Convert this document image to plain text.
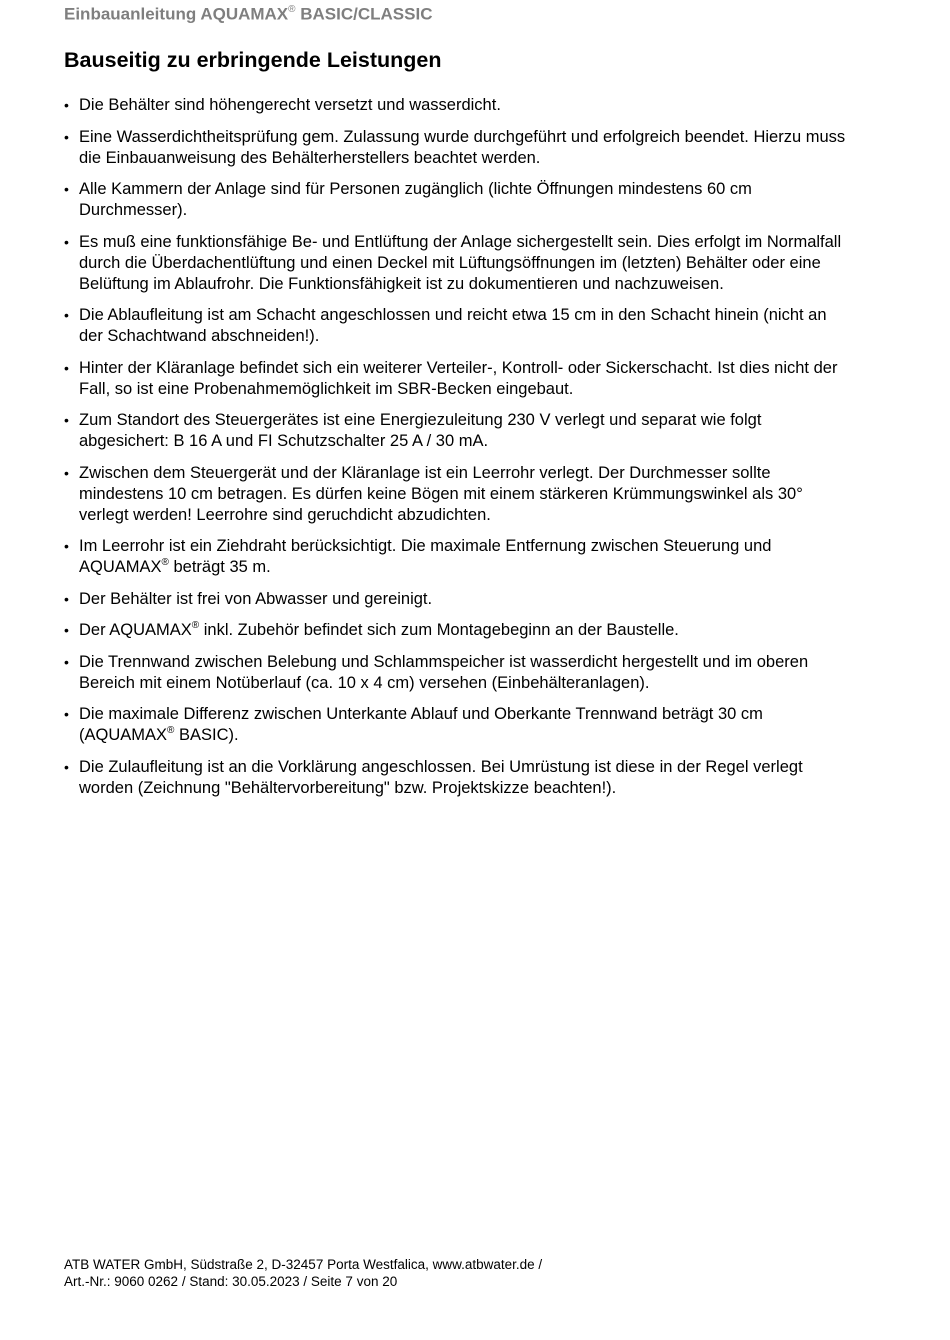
Einbauanleitung AQUAMAX® BASIC/CLASSIC
Bauseitig zu erbringende Leistungen
• Die Behälter sind höhengerecht versetzt und wasserdicht.
• Eine Wasserdichtheitsprüfung gem. Zulassung wurde durchgeführt und erfolgreich beendet. Hierzu muss die Einbauanweisung des Behälterherstellers beachtet werden.
• Alle Kammern der Anlage sind für Personen zugänglich (lichte Öffnungen mindestens 60 cm Durchmesser).
• Es muß eine funktionsfähige Be- und Entlüftung der Anlage sichergestellt sein. Dies erfolgt im Normalfall durch die Überdachentlüftung und einen Deckel mit Lüftungsöffnungen im (letzten) Behälter oder eine Belüftung im Ablaufrohr. Die Funktionsfähigkeit ist zu dokumentieren und nachzuweisen.
• Die Ablaufleitung ist am Schacht angeschlossen und reicht etwa 15 cm in den Schacht hinein (nicht an der Schachtwand abschneiden!).
• Hinter der Kläranlage befindet sich ein weiterer Verteiler-, Kontroll- oder Sickerschacht. Ist dies nicht der Fall, so ist eine Probenahmemöglichkeit im SBR-Becken eingebaut.
• Zum Standort des Steuergerätes ist eine Energiezuleitung 230 V verlegt und separat wie folgt abgesichert: B 16 A und FI Schutzschalter 25 A / 30 mA.
• Zwischen dem Steuergerät und der Kläranlage ist ein Leerrohr verlegt. Der Durchmesser sollte mindestens 10 cm betragen. Es dürfen keine Bögen mit einem stärkeren Krümmungswinkel als 30° verlegt werden! Leerrohre sind geruchdicht abzudichten.
• Im Leerrohr ist ein Ziehdraht berücksichtigt. Die maximale Entfernung zwischen Steuerung und AQUAMAX® beträgt 35 m.
• Der Behälter ist frei von Abwasser und gereinigt.
• Der AQUAMAX® inkl. Zubehör befindet sich zum Montagebeginn an der Baustelle.
• Die Trennwand zwischen Belebung und Schlammspeicher ist wasserdicht hergestellt und im oberen Bereich mit einem Notüberlauf (ca. 10 x 4 cm) versehen (Einbehälteranlagen).
• Die maximale Differenz zwischen Unterkante Ablauf und Oberkante Trennwand beträgt 30 cm (AQUAMAX® BASIC).
• Die Zulaufleitung ist an die Vorklärung angeschlossen. Bei Umrüstung ist diese in der Regel verlegt worden (Zeichnung "Behältervorbereitung" bzw. Projektskizze beachten!).
ATB WATER GmbH, Südstraße 2, D-32457 Porta Westfalica, www.atbwater.de /
Art.-Nr.: 9060 0262 / Stand: 30.05.2023 / Seite 7 von 20
